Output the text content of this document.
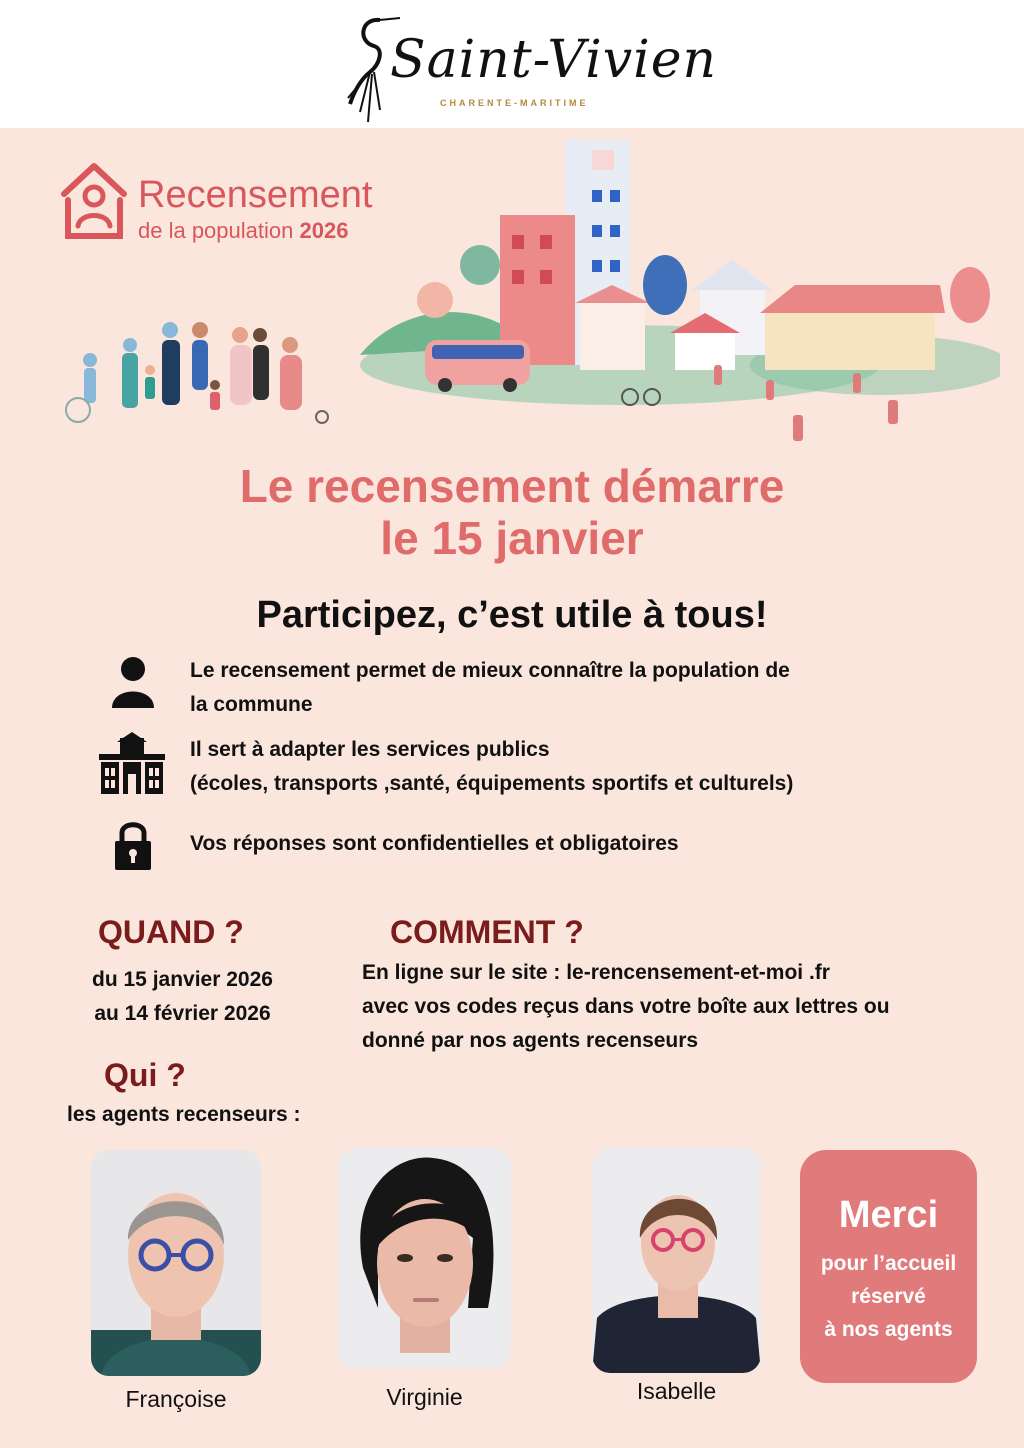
Saint-Vivien
CHARENTE-MARITIME
Recensement
de la population 2026
Le recensement démarre
le 15 janvier
Participez, c’est utile à tous!
Le recensement permet de mieux connaître la population de
la commune
Il sert à adapter les services publics
(écoles, transports ,santé, équipements sportifs et culturels)
Vos réponses sont confidentielles et obligatoires
QUAND ?
du 15 janvier 2026
au 14 février 2026
COMMENT ?
En ligne sur le site : le-rencensement-et-moi .fr
avec vos codes reçus dans votre boîte aux lettres ou
donné par nos agents recenseurs
Qui ?
les agents recenseurs :
Françoise	Virginie	Isabelle
Merci
pour l’accueil
réservé
à nos agents
